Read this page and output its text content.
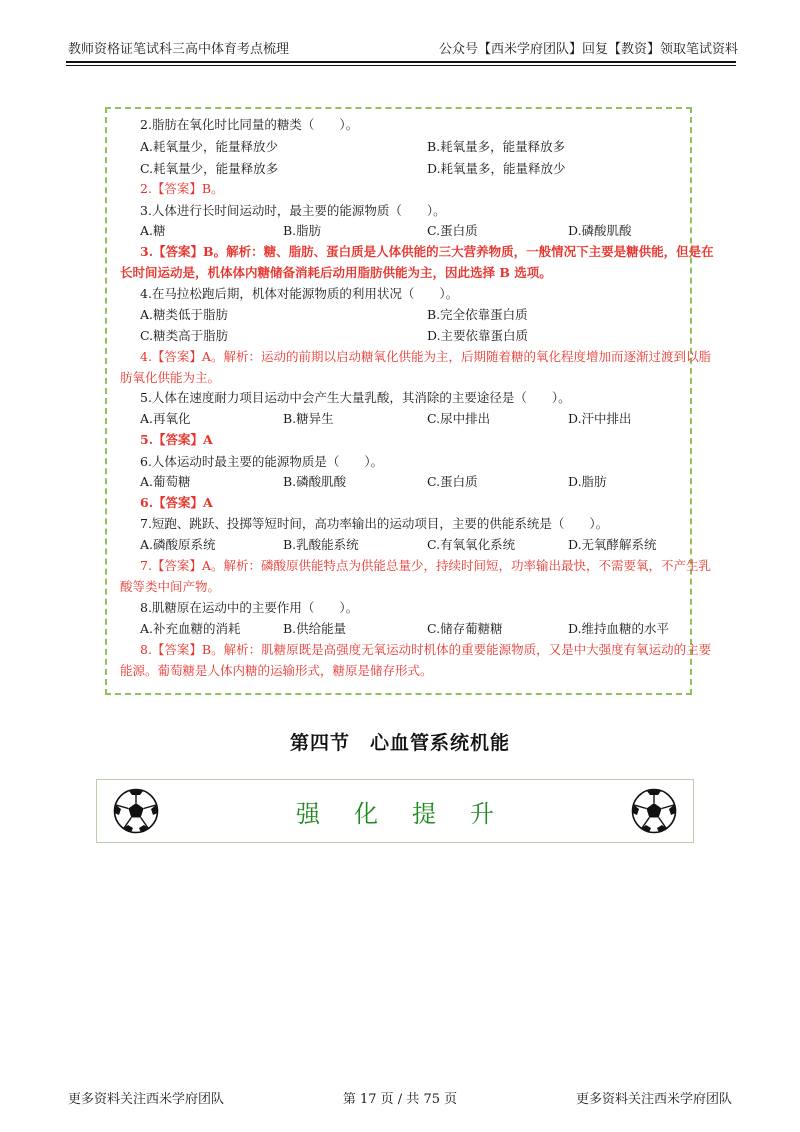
教师资格证笔试科三高中体育考点梳理	公众号【西米学府团队】回复【教资】领取笔试资料
2.脂肪在氧化时比同量的糖类（　　）。
A.耗氧量少，能量释放少	B.耗氧量多，能量释放多
C.耗氧量少，能量释放多	D.耗氧量多，能量释放少
2.【答案】B。
3.人体进行长时间运动时，最主要的能源物质（　　）。
A.糖	B.脂肪	C.蛋白质	D.磷酸肌酸
3.【答案】B。解析：糖、脂肪、蛋白质是人体供能的三大营养物质，一般情况下主要是糖供能，但是在
长时间运动是，机体体内糖储备消耗后动用脂肪供能为主，因此选择 B 选项。
4.在马拉松跑后期，机体对能源物质的利用状况（　　）。
A.糖类低于脂肪	B.完全依靠蛋白质
C.糖类高于脂肪	D.主要依靠蛋白质
4.【答案】A。解析：运动的前期以启动糖氧化供能为主，后期随着糖的氧化程度增加而逐渐过渡到以脂
肪氧化供能为主。
5.人体在速度耐力项目运动中会产生大量乳酸，其消除的主要途径是（　　）。
A.再氧化	B.糖异生	C.尿中排出	D.汗中排出
5.【答案】A
6.人体运动时最主要的能源物质是（　　）。
A.葡萄糖	B.磷酸肌酸	C.蛋白质	D.脂肪
6.【答案】A
7.短跑、跳跃、投掷等短时间，高功率输出的运动项目，主要的供能系统是（　　）。
A.磷酸原系统	B.乳酸能系统	C.有氧氧化系统	D.无氧酵解系统
7.【答案】A。解析：磷酸原供能特点为供能总量少，持续时间短，功率输出最快，不需要氧，不产生乳
酸等类中间产物。
8.肌糖原在运动中的主要作用（　　）。
A.补充血糖的消耗	B.供给能量	C.储存葡糖糖	D.维持血糖的水平
8.【答案】B。解析：肌糖原既是高强度无氧运动时机体的重要能源物质，又是中大强度有氧运动的主要
能源。葡萄糖是人体内糖的运输形式，糖原是储存形式。
第四节　心血管系统机能
强化提升
更多资料关注西米学府团队	第 17 页 / 共 75 页	更多资料关注西米学府团队
